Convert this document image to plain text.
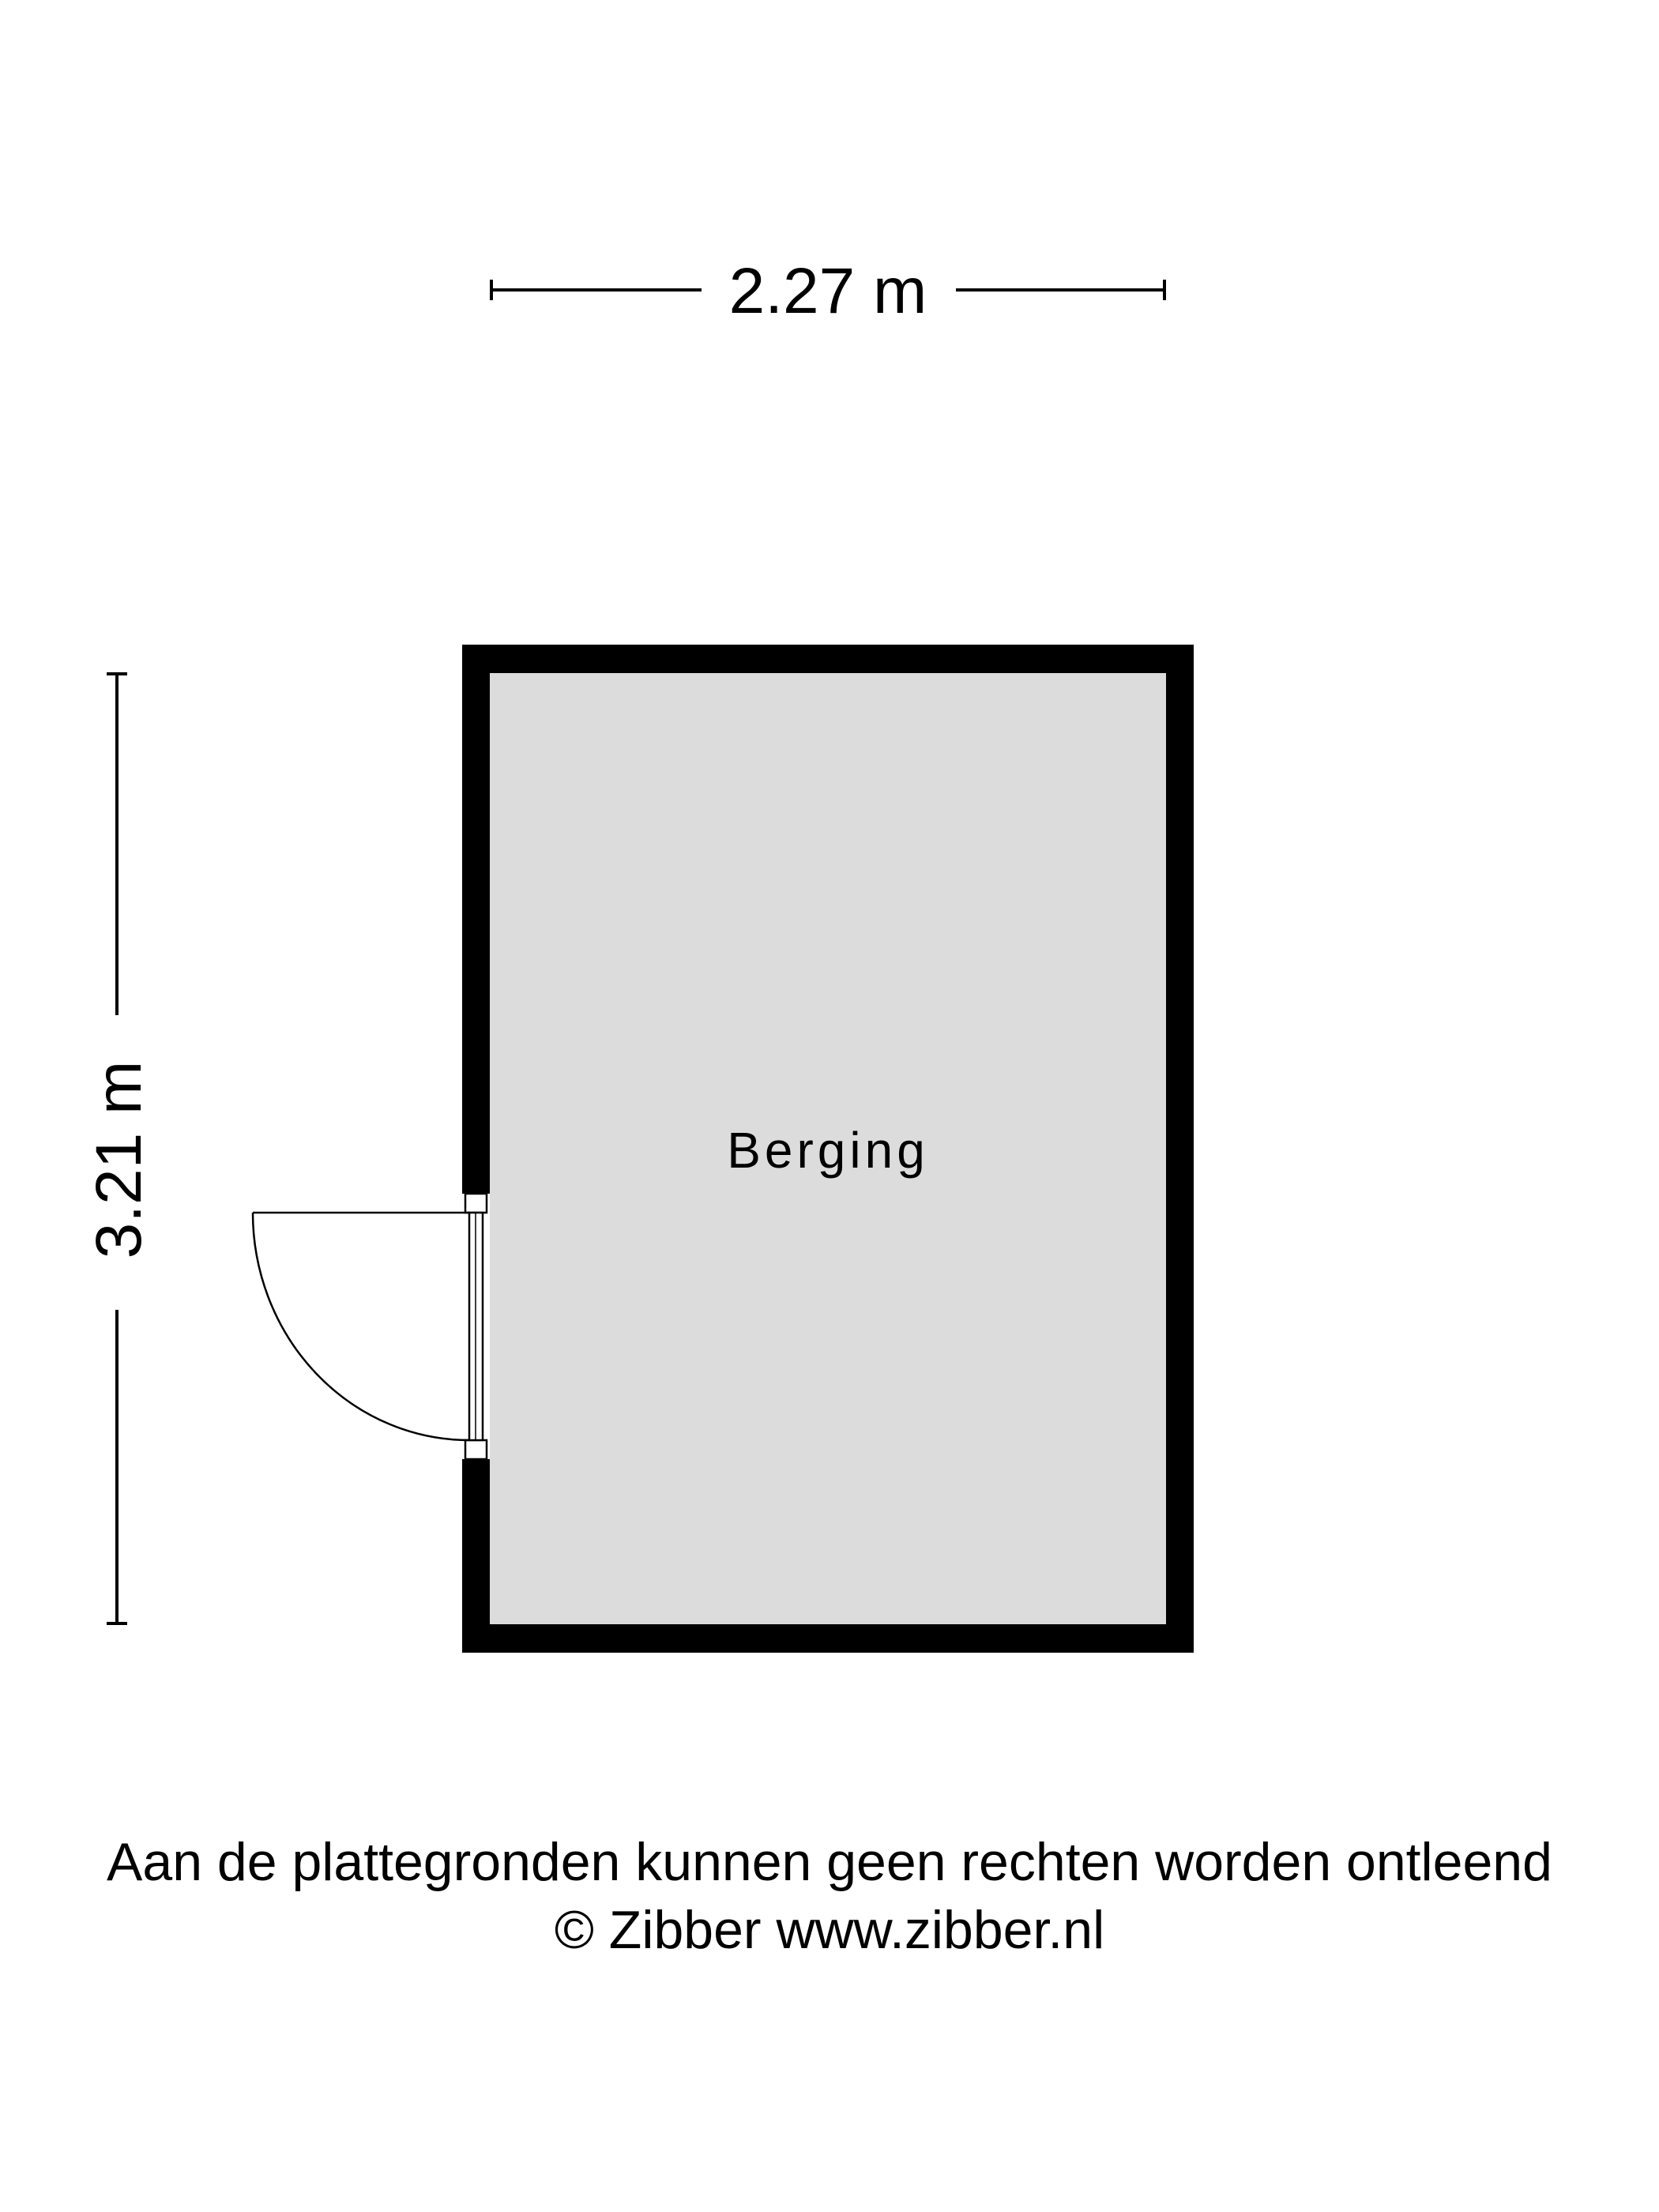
2.27 m
3.21 m	Berging
Aan de plattegronden kunnen geen rechten worden ontleend
© Zibber www.zibber.nl
